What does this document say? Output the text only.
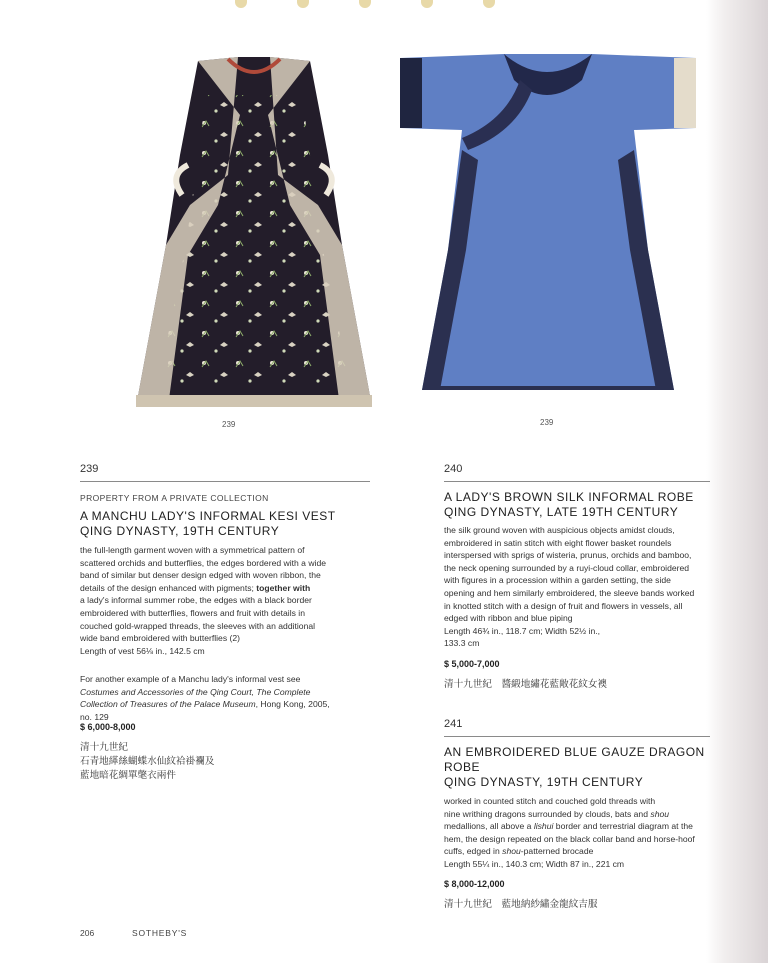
239	239
239
PROPERTY FROM A PRIVATE COLLECTION
A MANCHU LADY'S INFORMAL KESI VEST
QING DYNASTY, 19TH CENTURY
the full-length garment woven with a symmetrical pattern of
scattered orchids and butterflies, the edges bordered with a wide
band of similar but denser design edged with woven ribbon, the
details of the design enhanced with pigments; together with
a lady's informal summer robe, the edges with a black border
embroidered with butterflies, flowers and fruit with details in
couched gold-wrapped threads, the sleeves with an additional
wide band embroidered with butterflies (2)
Length of vest 56⅛ in., 142.5 cm
For another example of a Manchu lady's informal vest see
Costumes and Accessories of the Qing Court, The Complete
Collection of Treasures of the Palace Museum, Hong Kong, 2005,
no. 129
$ 6,000-8,000
清十九世紀
石青地緙絲蝴蝶水仙紋袷褂襴及
藍地暗花綢單氅衣兩件
240
A LADY'S BROWN SILK INFORMAL ROBE
QING DYNASTY, LATE 19TH CENTURY
the silk ground woven with auspicious objects amidst clouds,
embroidered in satin stitch with eight flower basket roundels
interspersed with sprigs of wisteria, prunus, orchids and bamboo,
the neck opening surrounded by a ruyi-cloud collar, embroidered
with figures in a procession within a garden setting, the side
opening and hem similarly embroidered, the sleeve bands worked
in knotted stitch with a design of fruit and flowers in vessels, all
edged with ribbon and blue piping
Length 46¾ in., 118.7 cm; Width 52½ in.,
133.3 cm
$ 5,000-7,000
清十九世紀　醬緞地繡花藍敞花紋女襖
241
AN EMBROIDERED BLUE GAUZE DRAGON
ROBE
QING DYNASTY, 19TH CENTURY
worked in counted stitch and couched gold threads with
nine writhing dragons surrounded by clouds, bats and shou
medallions, all above a lishui border and terrestrial diagram at the
hem, the design repeated on the black collar band and horse-hoof
cuffs, edged in shou-patterned brocade
Length 55¼ in., 140.3 cm; Width 87 in., 221 cm
$ 8,000-12,000
清十九世紀　藍地納紗繡金龍紋吉服
206	SOTHEBY'S
